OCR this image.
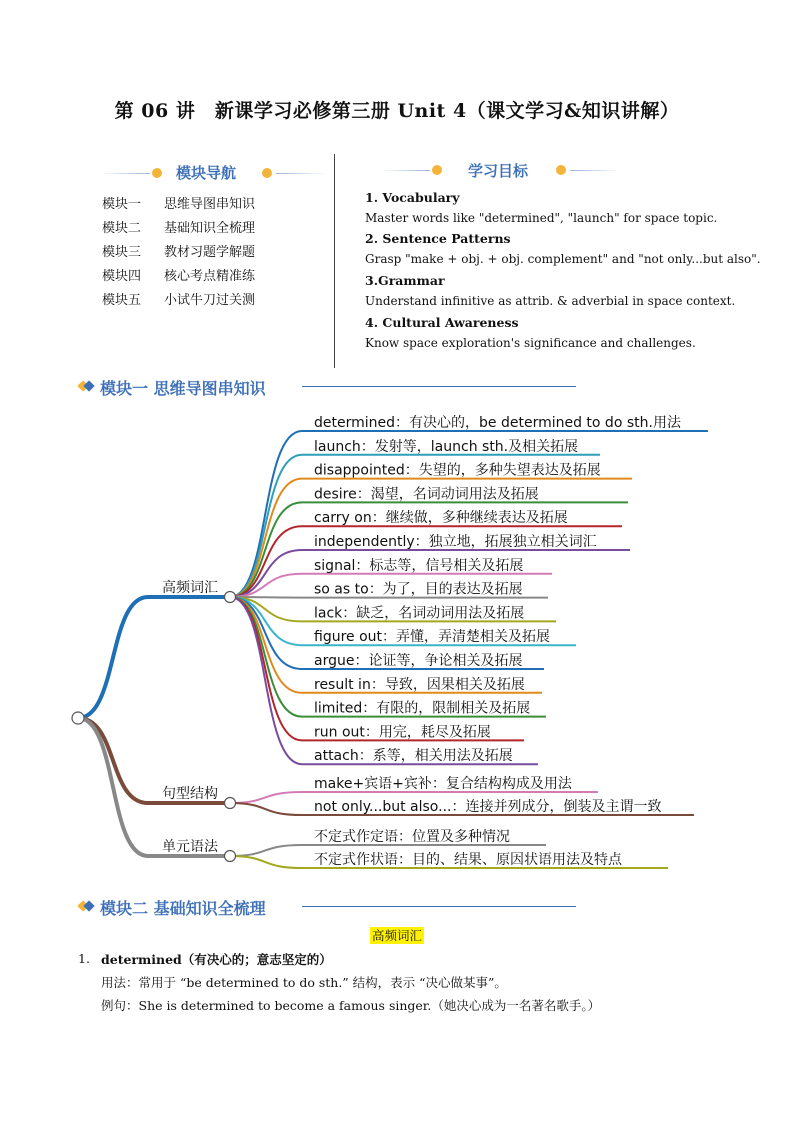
第 06 讲　新课学习必修第三册 Unit 4（课文学习&知识讲解）
模块导航
模块一 思维导图串知识
模块二 基础知识全梳理
模块三 教材习题学解题
模块四 核心考点精准练
模块五 小试牛刀过关测
学习目标
1. Vocabulary
Master words like "determined", "launch" for space topic.
2. Sentence Patterns
Grasp "make + obj. + obj. complement" and "not only...but also".
3.Grammar
Understand infinitive as attrib. & adverbial in space context.
4. Cultural Awareness
Know space exploration's significance and challenges.
模块一 思维导图串知识
高频词汇
determined：有决心的，be determined to do sth.用法
launch：发射等，launch sth.及相关拓展
disappointed：失望的，多种失望表达及拓展
desire：渴望，名词动词用法及拓展
carry on：继续做，多种继续表达及拓展
independently：独立地，拓展独立相关词汇
signal：标志等，信号相关及拓展
so as to：为了，目的表达及拓展
lack：缺乏，名词动词用法及拓展
figure out：弄懂，弄清楚相关及拓展
argue：论证等，争论相关及拓展
result in：导致，因果相关及拓展
limited：有限的，限制相关及拓展
run out：用完，耗尽及拓展
attach：系等，相关用法及拓展
句型结构
make+宾语+宾补：复合结构构成及用法
not only...but also...：连接并列成分，倒装及主谓一致
单元语法
不定式作定语：位置及多种情况
不定式作状语：目的、结果、原因状语用法及特点
模块二 基础知识全梳理
高频词汇
1. determined（有决心的；意志坚定的）
用法：常用于 “be determined to do sth.” 结构，表示 “决心做某事”。
例句：She is determined to become a famous singer.（她决心成为一名著名歌手。）
